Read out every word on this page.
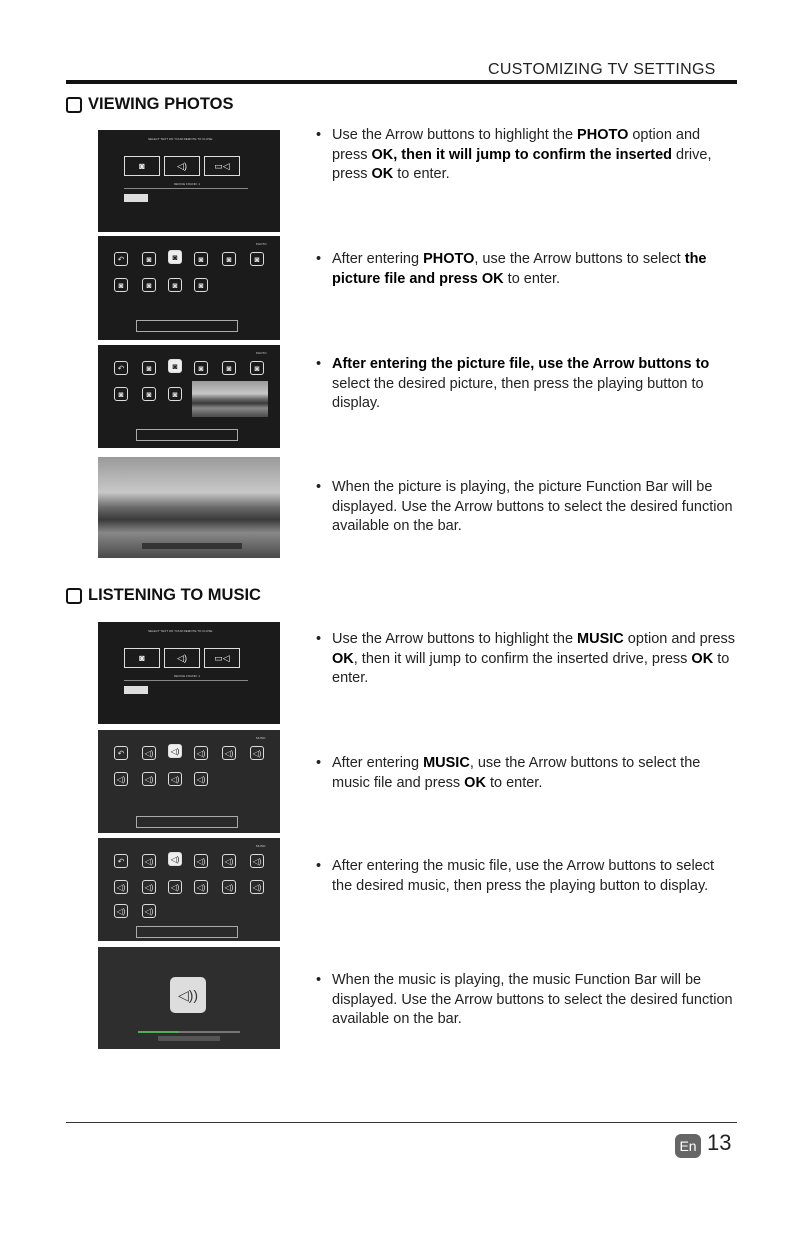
CUSTOMIZING TV SETTINGS
VIEWING PHOTOS
SELECT TEXT ON YOUR REMOTE TO CLOSE
◙	◁)	▭◁
DEVICE FOUND: 1
PHOTO
↶	◙	◙	◙	◙	◙
◙	◙	◙	◙
PHOTO
↶	◙	◙	◙	◙	◙
◙	◙	◙
• Use the Arrow buttons to highlight the PHOTO option and press OK, then it will jump to confirm the inserted drive, press OK to enter.
• After entering PHOTO, use the Arrow buttons to select the picture file and press OK to enter.
• After entering the picture file, use the Arrow buttons to select the desired picture, then press the playing button to display.
• When the picture is playing, the picture Function Bar will be displayed. Use the Arrow buttons to select the desired function available on the bar.
LISTENING TO MUSIC
SELECT TEXT ON YOUR REMOTE TO CLOSE
◙	◁)	▭◁
DEVICE FOUND: 1
MUSIC
↶	◁)	◁)	◁)	◁)	◁)
◁)	◁)	◁)	◁)
MUSIC
↶	◁)	◁)	◁)	◁)	◁)
◁)	◁)	◁)	◁)	◁)	◁)
◁)	◁)
◁))
• Use the Arrow buttons to highlight the MUSIC option and press OK, then it will jump to confirm the inserted drive, press OK to enter.
• After entering MUSIC, use the Arrow buttons to select the music file and press OK to enter.
• After entering the music file, use the Arrow buttons to select the desired music, then press the playing button to display.
• When the music is playing, the music Function Bar will be displayed. Use the Arrow buttons to select the desired function available on the bar.
En 13
